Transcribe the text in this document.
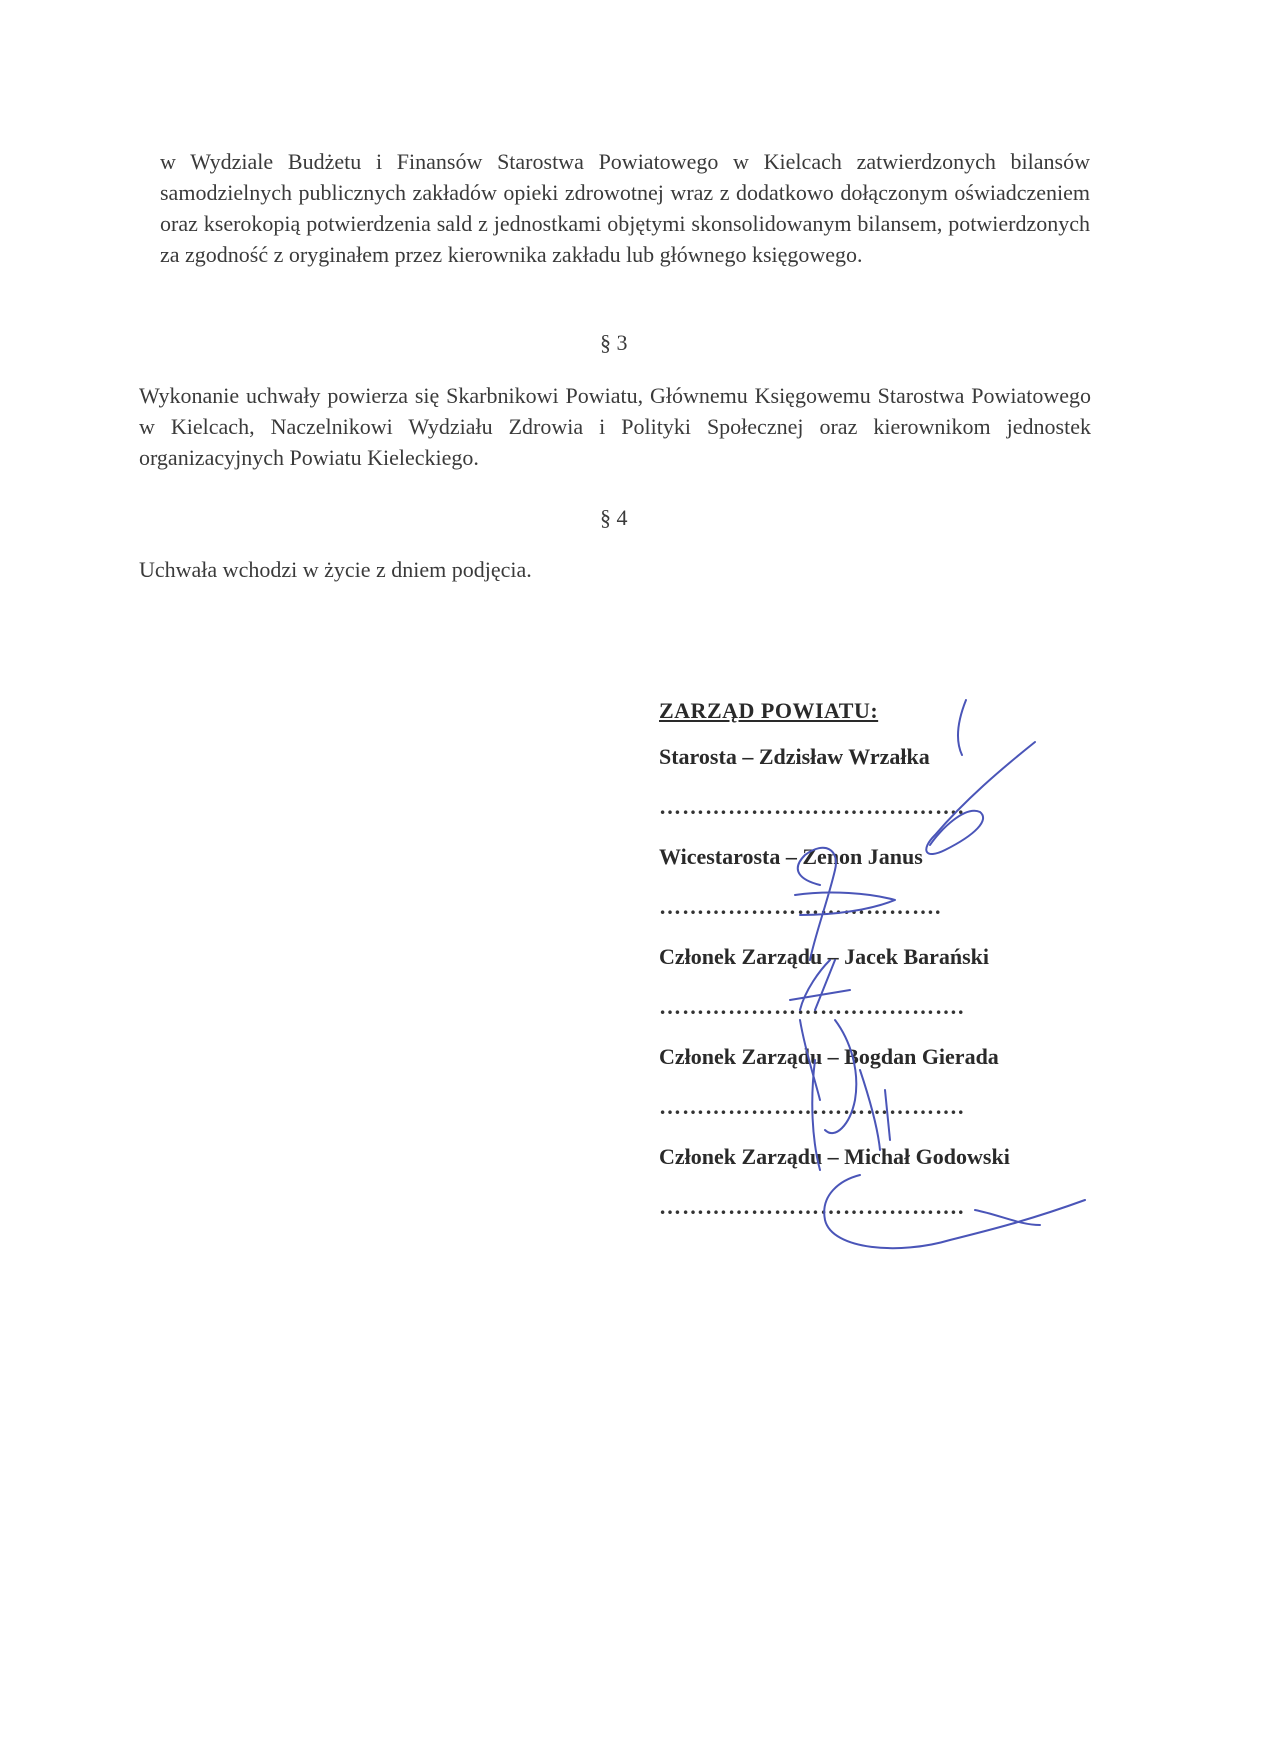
w Wydziale Budżetu i Finansów Starostwa Powiatowego w Kielcach zatwierdzonych bilansów samodzielnych publicznych zakładów opieki zdrowotnej wraz z dodatkowo dołączonym oświadczeniem oraz kserokopią potwierdzenia sald z jednostkami objętymi skonsolidowanym bilansem, potwierdzonych za zgodność z oryginałem przez kierownika zakładu lub głównego księgowego.
§ 3
Wykonanie uchwały powierza się Skarbnikowi Powiatu, Głównemu Księgowemu Starostwa Powiatowego w Kielcach, Naczelnikowi Wydziału Zdrowia i Polityki Społecznej oraz kierownikom jednostek organizacyjnych Powiatu Kieleckiego.
§ 4
Uchwała wchodzi w życie z dniem podjęcia.
ZARZĄD POWIATU:
Starosta – Zdzisław Wrzałka
………………………………….
Wicestarosta – Zenon Janus
……………………………….
Członek Zarządu – Jacek Barański
………………………………….
Członek Zarządu – Bogdan Gierada
………………………………….
Członek Zarządu – Michał Godowski
………………………………….
